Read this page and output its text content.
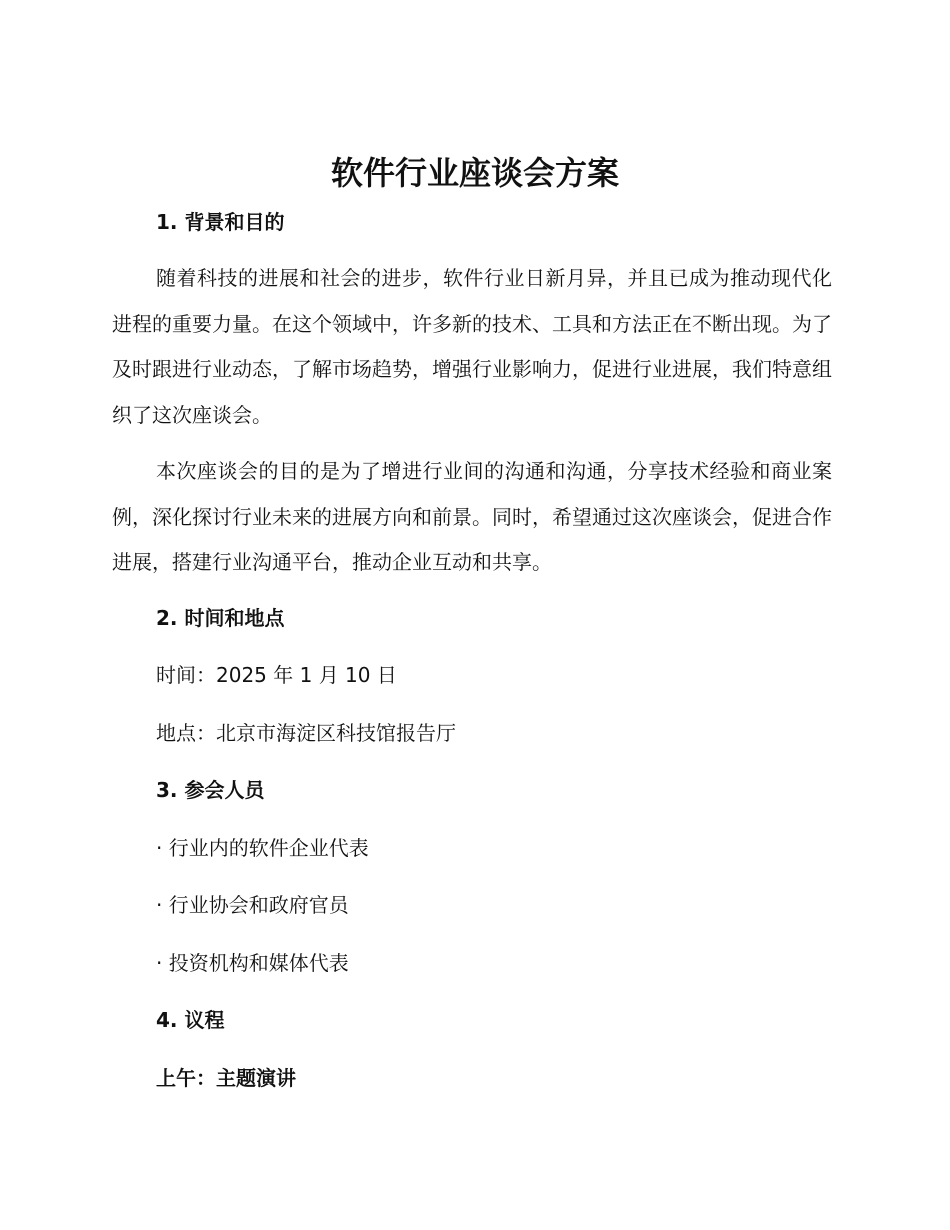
软件行业座谈会方案
1. 背景和目的

随着科技的进展和社会的进步，软件行业日新月异，并且已成为推动现代化进程的重要力量。在这个领域中，许多新的技术、工具和方法正在不断出现。为了及时跟进行业动态，了解市场趋势，增强行业影响力，促进行业进展，我们特意组织了这次座谈会。

本次座谈会的目的是为了增进行业间的沟通和沟通，分享技术经验和商业案例，深化探讨行业未来的进展方向和前景。同时，希望通过这次座谈会，促进合作进展，搭建行业沟通平台，推动企业互动和共享。

2. 时间和地点

时间：2025 年 1 月 10 日

地点：北京市海淀区科技馆报告厅

3. 参会人员

· 行业内的软件企业代表

· 行业协会和政府官员

· 投资机构和媒体代表

4. 议程
上午：主题演讲
